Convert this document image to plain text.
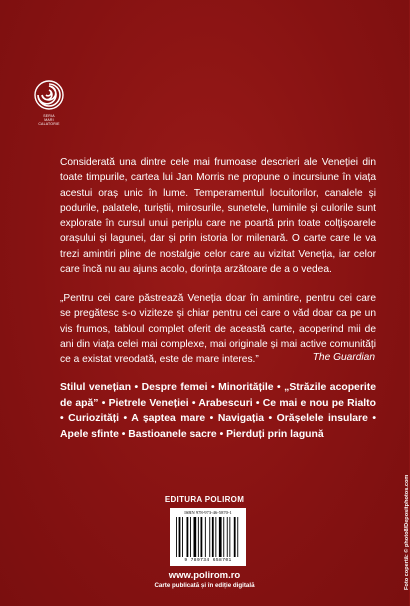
SERIA
MARI
CALATORIE
Considerată una dintre cele mai frumoase descrieri ale Veneției din toate timpurile, cartea lui Jan Morris ne propune o incursiune în viața acestui oraș unic în lume. Temperamentul locuitorilor, canalele și podurile, palatele, turiștii, mirosurile, sunetele, luminile și culorile sunt explorate în cursul unui periplu care ne poartă prin toate colțișoarele orașului și lagunei, dar și prin istoria lor milenară. O carte care le va trezi amintiri pline de nostalgie celor care au vizitat Veneția, iar celor care încă nu au ajuns acolo, dorința arzătoare de a o vedea.
„Pentru cei care păstrează Veneția doar în amintire, pentru cei care se pregătesc s-o viziteze și chiar pentru cei care o văd doar ca pe un vis frumos, tabloul complet oferit de această carte, acoperind mii de ani din viața celei mai complexe, mai originale și mai active comunități ce a existat vreodată, este de mare interes.”	The Guardian
Stilul venețian • Despre femei • Minoritățile • „Străzile acoperite de apă” • Pietrele Veneției • Arabescuri • Ce mai e nou pe Rialto • Curiozități • A șaptea mare • Navigația • Orășelele insulare • Apele sfinte • Bastioanele sacre • Pierduți prin lagună
EDITURA POLIROM
ISBN 978-973-46-5870-1
9 789734 658701
www.polirom.ro
Carte publicată și în ediție digitală	Foto copertă: © photo8/Depositphotos.com
